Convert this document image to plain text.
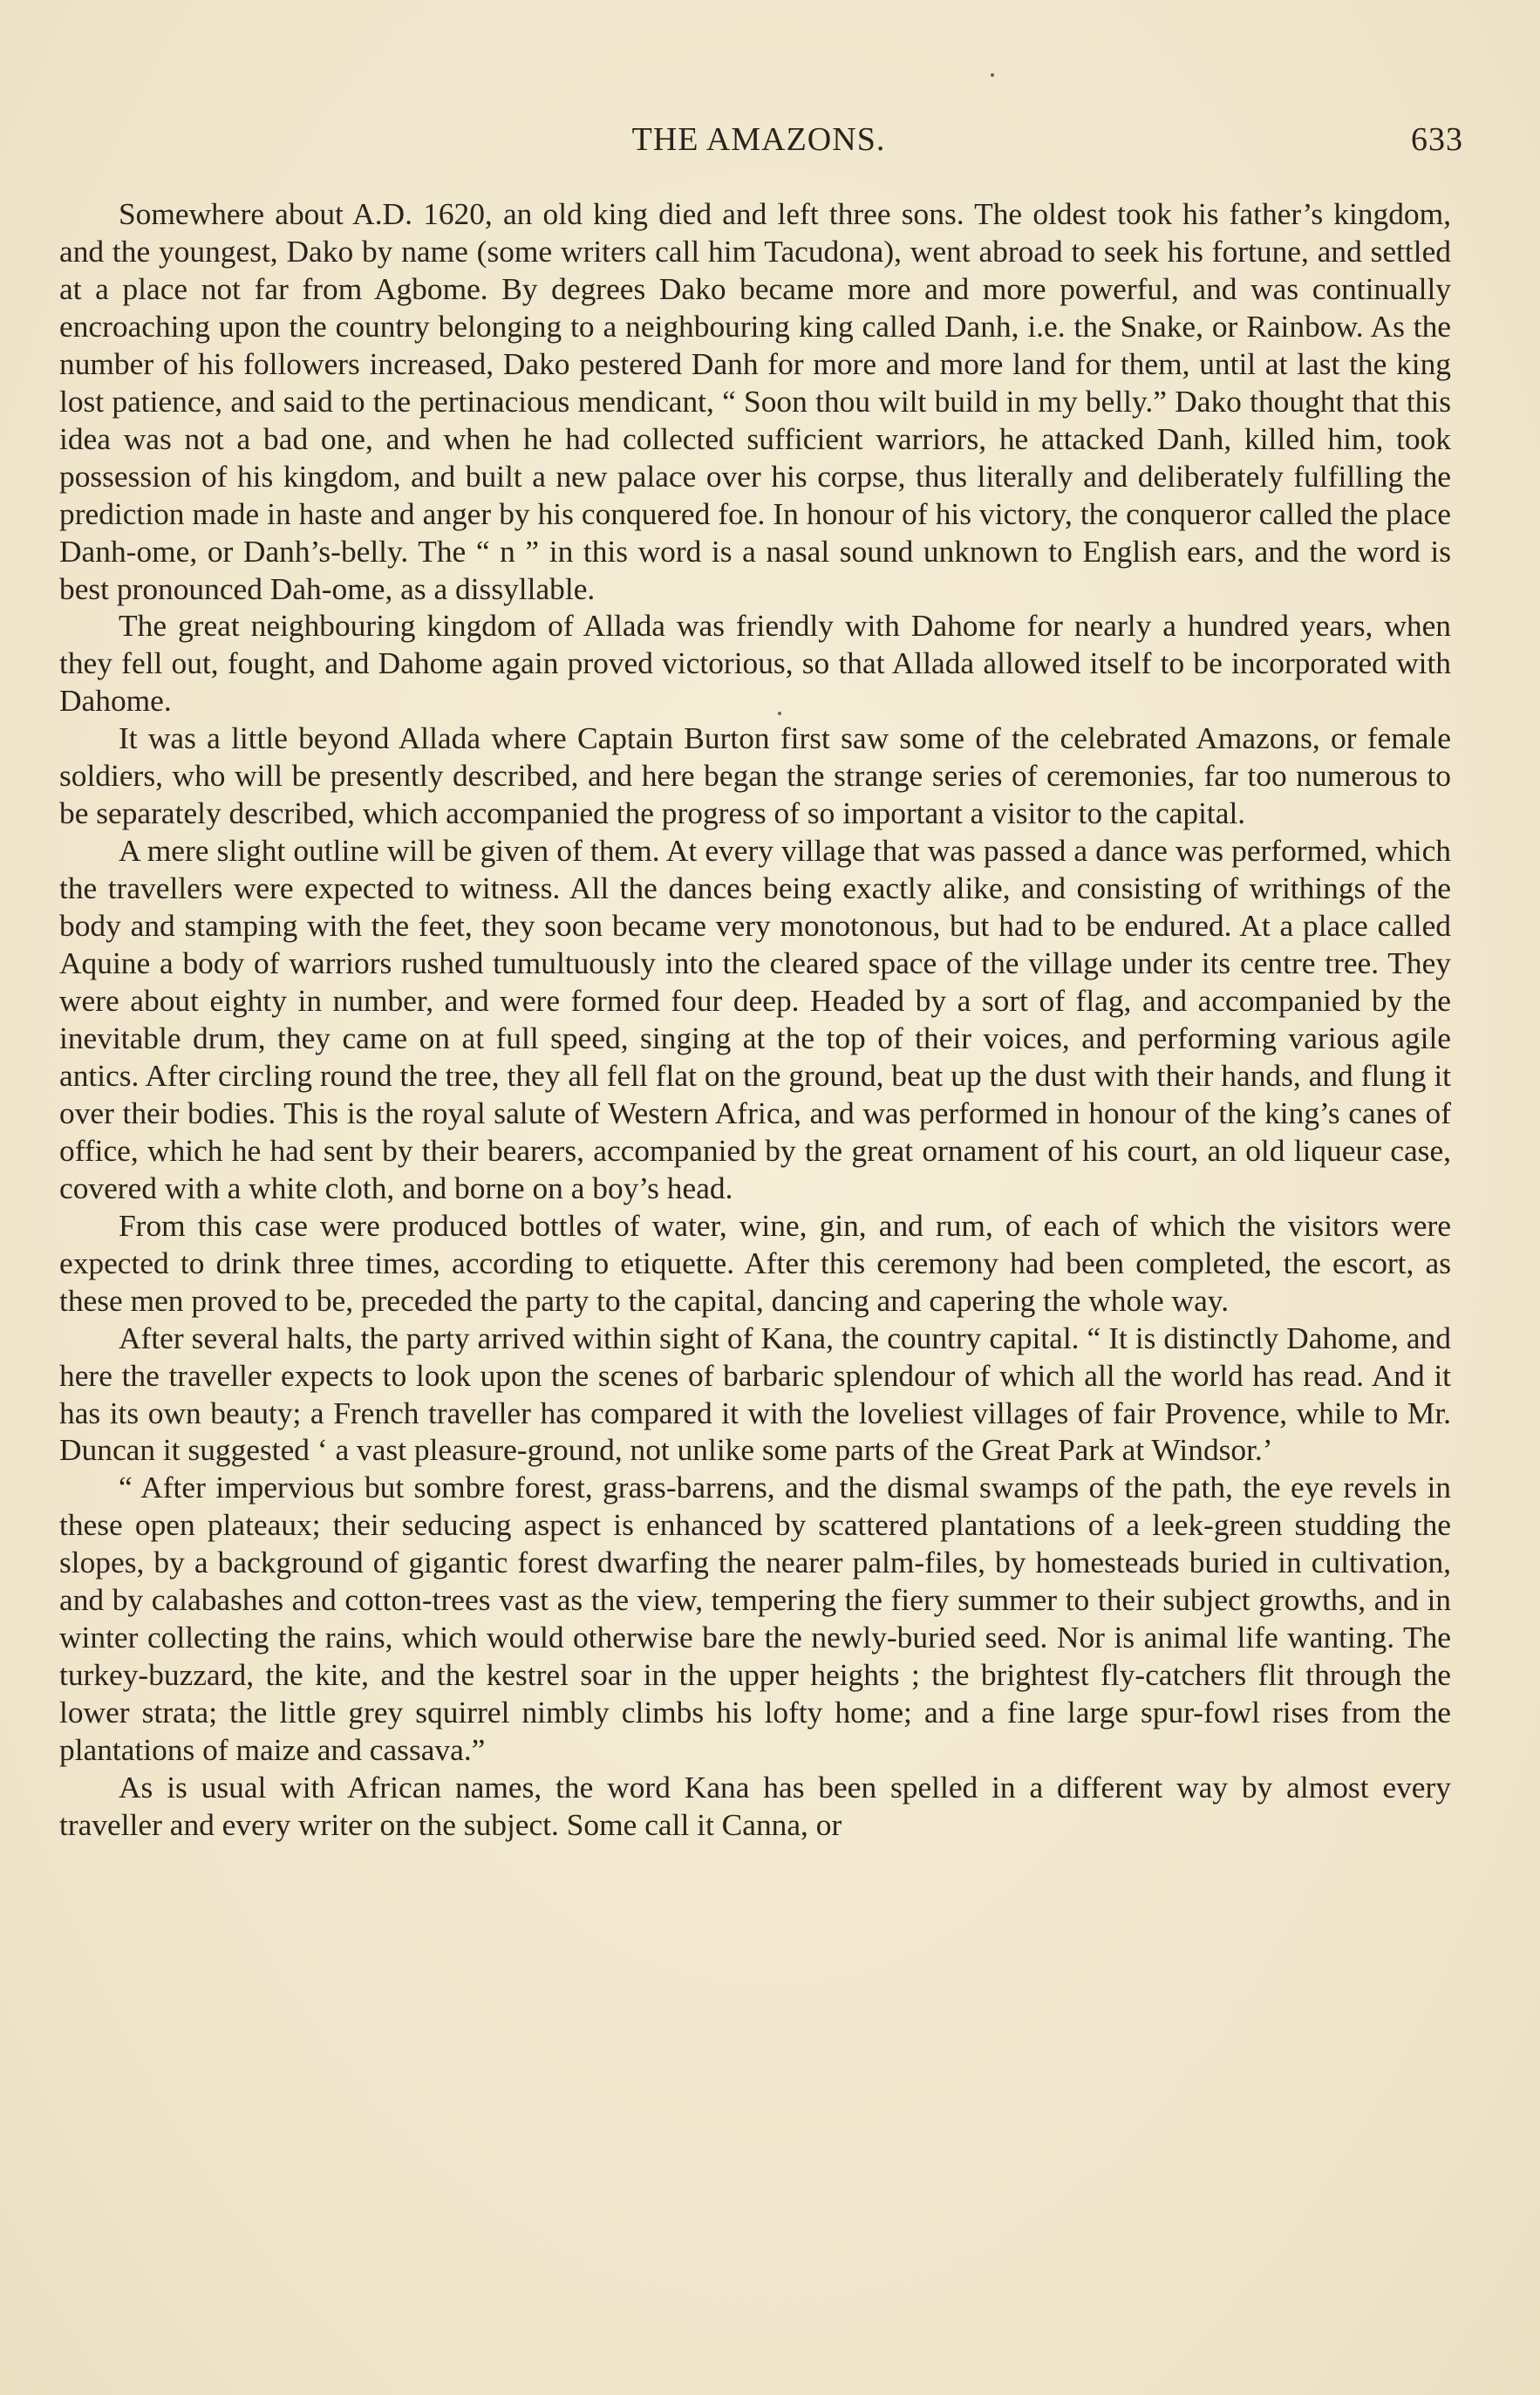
THE AMAZONS.	633

Somewhere about A.D. 1620, an old king died and left three sons. The oldest took his father’s kingdom, and the youngest, Dako by name (some writers call him Tacudona), went abroad to seek his fortune, and settled at a place not far from Agbome. By degrees Dako became more and more powerful, and was continually encroaching upon the country belonging to a neighbouring king called Danh, i.e. the Snake, or Rainbow. As the number of his followers increased, Dako pestered Danh for more and more land for them, until at last the king lost patience, and said to the pertinacious mendicant, “ Soon thou wilt build in my belly.” Dako thought that this idea was not a bad one, and when he had collected sufficient warriors, he attacked Danh, killed him, took possession of his kingdom, and built a new palace over his corpse, thus literally and deliberately fulfilling the prediction made in haste and anger by his conquered foe. In honour of his victory, the conqueror called the place Danh-ome, or Danh’s-belly. The “ n ” in this word is a nasal sound unknown to English ears, and the word is best pronounced Dah-ome, as a dissyllable.

The great neighbouring kingdom of Allada was friendly with Dahome for nearly a hundred years, when they fell out, fought, and Dahome again proved victorious, so that Allada allowed itself to be incorporated with Dahome.

It was a little beyond Allada where Captain Burton first saw some of the celebrated Amazons, or female soldiers, who will be presently described, and here began the strange series of ceremonies, far too numerous to be separately described, which accompanied the progress of so important a visitor to the capital.

A mere slight outline will be given of them. At every village that was passed a dance was performed, which the travellers were expected to witness. All the dances being exactly alike, and consisting of writhings of the body and stamping with the feet, they soon became very monotonous, but had to be endured. At a place called Aquine a body of warriors rushed tumultuously into the cleared space of the village under its centre tree. They were about eighty in number, and were formed four deep. Headed by a sort of flag, and accompanied by the inevitable drum, they came on at full speed, singing at the top of their voices, and performing various agile antics. After circling round the tree, they all fell flat on the ground, beat up the dust with their hands, and flung it over their bodies. This is the royal salute of Western Africa, and was performed in honour of the king’s canes of office, which he had sent by their bearers, accompanied by the great ornament of his court, an old liqueur case, covered with a white cloth, and borne on a boy’s head.

From this case were produced bottles of water, wine, gin, and rum, of each of which the visitors were expected to drink three times, according to etiquette. After this ceremony had been completed, the escort, as these men proved to be, preceded the party to the capital, dancing and capering the whole way.

After several halts, the party arrived within sight of Kana, the country capital. “ It is distinctly Dahome, and here the traveller expects to look upon the scenes of barbaric splendour of which all the world has read. And it has its own beauty; a French traveller has compared it with the loveliest villages of fair Provence, while to Mr. Duncan it suggested ‘ a vast pleasure-ground, not unlike some parts of the Great Park at Windsor.’

“ After impervious but sombre forest, grass-barrens, and the dismal swamps of the path, the eye revels in these open plateaux; their seducing aspect is enhanced by scattered plantations of a leek-green studding the slopes, by a background of gigantic forest dwarfing the nearer palm-files, by homesteads buried in cultivation, and by calabashes and cotton-trees vast as the view, tempering the fiery summer to their subject growths, and in winter collecting the rains, which would otherwise bare the newly-buried seed. Nor is animal life wanting. The turkey-buzzard, the kite, and the kestrel soar in the upper heights ; the brightest fly-catchers flit through the lower strata; the little grey squirrel nimbly climbs his lofty home; and a fine large spur-fowl rises from the plantations of maize and cassava.”

As is usual with African names, the word Kana has been spelled in a different way by almost every traveller and every writer on the subject. Some call it Canna, or
